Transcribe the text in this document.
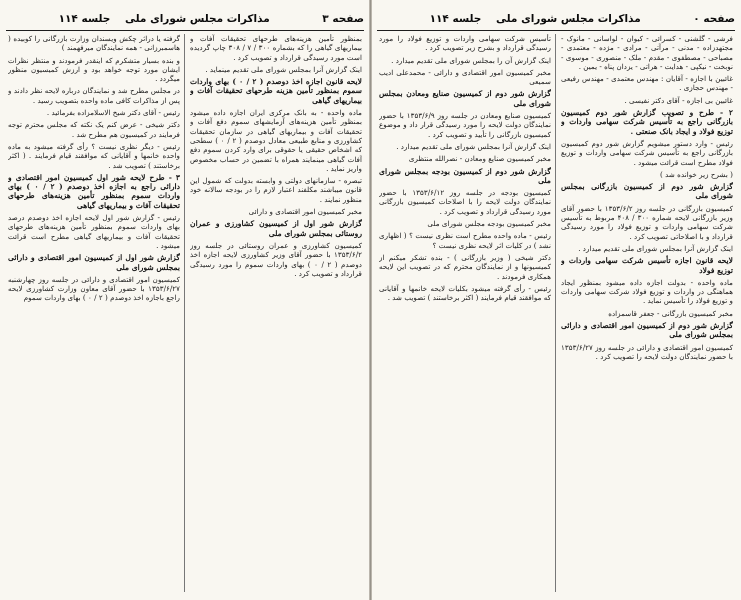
صفحه ۳
مذاکرات مجلس شورای ملی    جلسه ۱۱۴

بمنظور تأمین هزینه‌های طرحهای تحقیقات آفات و بیماریهای گیاهی را که بشماره ۳۰۰ / ۷ / ۳۰۸ چاپ گردیده است مورد رسیدگی قرارداد و تصویب کرد .

اینک گزارش آنرا بمجلس شورای ملی تقدیم مینماید .

لایحه قانون اجازه اخذ دوصدم ( ۲ / ۰ ) بهای واردات سموم بمنظور تأمین هزینه طرحهای تحقیقات آفات و بیماریهای گیاهی

ماده واحده - به بانک مرکزی ایران اجازه داده میشود بمنظور تأمین هزینه‌های آزمایشهای سموم دفع آفات و تحقیقات آفات و بیماریهای گیاهی در سازمان تحقیقات کشاورزی و منابع طبیعی معادل دوصدم ( ۲ / ۰ ) سطحی که اشخاص حقیقی یا حقوقی برای وارد کردن سموم دفع آفات گیاهی مینمایند همراه با تضمین در حساب مخصوص واریز نماید .

تبصره - سازمانهای دولتی و وابسته بدولت که شمول این قانون میباشند مکلفند اعتبار لازم را در بودجه سالانه خود منظور نمایند .

مخبر کمیسیون امور اقتصادی و دارائی

گزارش شور اول از کمیسیون کشاورزی و عمران روستائی بمجلس شورای ملی

کمیسیون کشاورزی و عمران روستائی در جلسه روز ۱۳۵۳/۶/۲ با حضور آقای وزیر کشاورزی لایحه اجازه اخذ دوصدم ( ۲ / ۰ ) بهای واردات سموم را مورد رسیدگی قرارداد و تصویب کرد .

گرفته یا دراثر چکش ویسندان وزارت بازرگانی را کوبیده ( هاسمبرزانی - همه نمایندگان میرفهمند )

و بنده بسیار متشکرم که اینقدر فرمودند و منتظر نظرات ایشان مورد توجه خواهد بود و ارزش کمیسیون منظور میگردد .

در مجلس مطرح شد و نمایندگان درباره لایحه نظر دادند و پس از مذاکرات کافی ماده واحده بتصویب رسید .

رئیس - آقای دکتر شیخ الاسلامزاده بفرمائید .

دکتر شیخی - عرض کنم یک نکته که مجلس محترم توجه فرمایند در کمیسیون هم مطرح شد .

رئیس - دیگر نظری نیست ؟ رأی گرفته میشود به ماده واحده خانمها و آقایانی که موافقند قیام فرمایند . ( اکثر برخاستند ) تصویب شد .

۳ - طرح لایحه شور اول کمیسیون امور اقتصادی و دارائی راجع به اجازه اخذ دوصدم ( ۲ / ۰ ) بهای واردات سموم بمنظور تأمین هزینه‌های طرحهای تحقیقات آفات و بیماریهای گیاهی

رئیس - گزارش شور اول لایحه اجازه اخذ دوصدم درصد بهای واردات سموم بمنظور تأمین هزینه‌های طرحهای تحقیقات آفات و بیماریهای گیاهی مطرح است قرائت میشود .

گزارش شور اول از کمیسیون امور اقتصادی و دارائی بمجلس شورای ملی

کمیسیون امور اقتصادی و دارائی در جلسه روز چهارشنبه ۱۳۵۳/۶/۲۷ با حضور آقای معاون وزارت کشاورزی لایحه راجع باجازه اخذ دوصدم ( ۲ / ۰ ) بهای واردات سموم

صفحه ۰
مذاکرات مجلس شورای ملی    جلسه ۱۱۴

فرشی - گلشنی - کسرائی - کیوان - لواسانی - مانوک - مجتهدزاده - مدنی - مرآتی - مرادی - مژده - معتمدی - مصباحی - مصطفوی - مقدم - ملک - منصوری - موسوی - نوبخت - نیکپی - هدایت - هراتی - یزدان پناه - یمین .

غائبین با اجازه - آقایان : مهندس معتمدی - مهندس رفیعی - مهندس حجازی .

غائبین بی اجازه - آقای دکتر نفیسی .

۲ - طرح و تصویب گزارش شور دوم کمیسیون بازرگانی راجع به تأسیس شرکت سهامی واردات و توزیع فولاد و ایجاد بانک صنعتی .

رئیس - وارد دستور میشویم گزارش شور دوم کمیسیون بازرگانی راجع به تأسیس شرکت سهامی واردات و توزیع فولاد مطرح است قرائت میشود .

( بشرح زیر خوانده شد )

گزارش شور دوم از کمیسیون بازرگانی بمجلس شورای ملی

کمیسیون بازرگانی در جلسه روز ۱۳۵۳/۶/۲ با حضور آقای وزیر بازرگانی لایحه شماره ۳۰۰ / ۴۰۸ مربوط به تأسیس شرکت سهامی واردات و توزیع فولاد را مورد رسیدگی قرارداد و با اصلاحاتی تصویب کرد .

اینک گزارش آنرا بمجلس شورای ملی تقدیم میدارد .

لایحه قانون اجازه تأسیس شرکت سهامی واردات و توزیع فولاد

ماده واحده - بدولت اجازه داده میشود بمنظور ایجاد هماهنگی در واردات و توزیع فولاد شرکت سهامی واردات و توزیع فولاد را تأسیس نماید .

مخبر کمیسیون بازرگانی - جعفر قاسمزاده

گزارش شور دوم از کمیسیون امور اقتصادی و دارائی بمجلس شورای ملی

کمیسیون امور اقتصادی و دارائی در جلسه روز ۱۳۵۳/۶/۲۷ با حضور نمایندگان دولت لایحه را تصویب کرد .

تأسیس شرکت سهامی واردات و توزیع فولاد را مورد رسیدگی قرارداد و بشرح زیر تصویب کرد .

اینک گزارش آن را بمجلس شورای ملی تقدیم میدارد .

مخبر کمیسیون امور اقتصادی و دارائی - محمدعلی ادیب سمیعی

گزارش شور دوم از کمیسیون صنایع ومعادن بمجلس شورای ملی

کمیسیون صنایع ومعادن در جلسه روز ۱۳۵۳/۶/۹ با حضور نمایندگان دولت لایحه را مورد رسیدگی قرار داد و موضوع کمیسیون بازرگانی را تأیید و تصویب کرد .

اینک گزارش آنرا بمجلس شورای ملی تقدیم میدارد .

مخبر کمیسیون صنایع ومعادن - نصرالله منتظری

گزارش شور دوم از کمیسیون بودجه بمجلس شورای ملی

کمیسیون بودجه در جلسه روز ۱۳۵۳/۶/۱۲ با حضور نمایندگان دولت لایحه را با اصلاحات کمیسیون بازرگانی مورد رسیدگی قرارداد و تصویب کرد .

مخبر کمیسیون بودجه مجلس شورای ملی

رئیس - ماده واحده مطرح است نظری نیست ؟ ( اظهاری نشد ) در کلیات اثر لایحه نظری نیست ؟

دکتر شیخی ( وزیر بازرگانی ) - بنده تشکر میکنم از کمیسیونها و از نمایندگان محترم که در تصویب این لایحه همکاری فرمودند .

رئیس - رأی گرفته میشود بکلیات لایحه خانمها و آقایانی که موافقند قیام فرمایند ( اکثر برخاستند ) تصویب شد .
